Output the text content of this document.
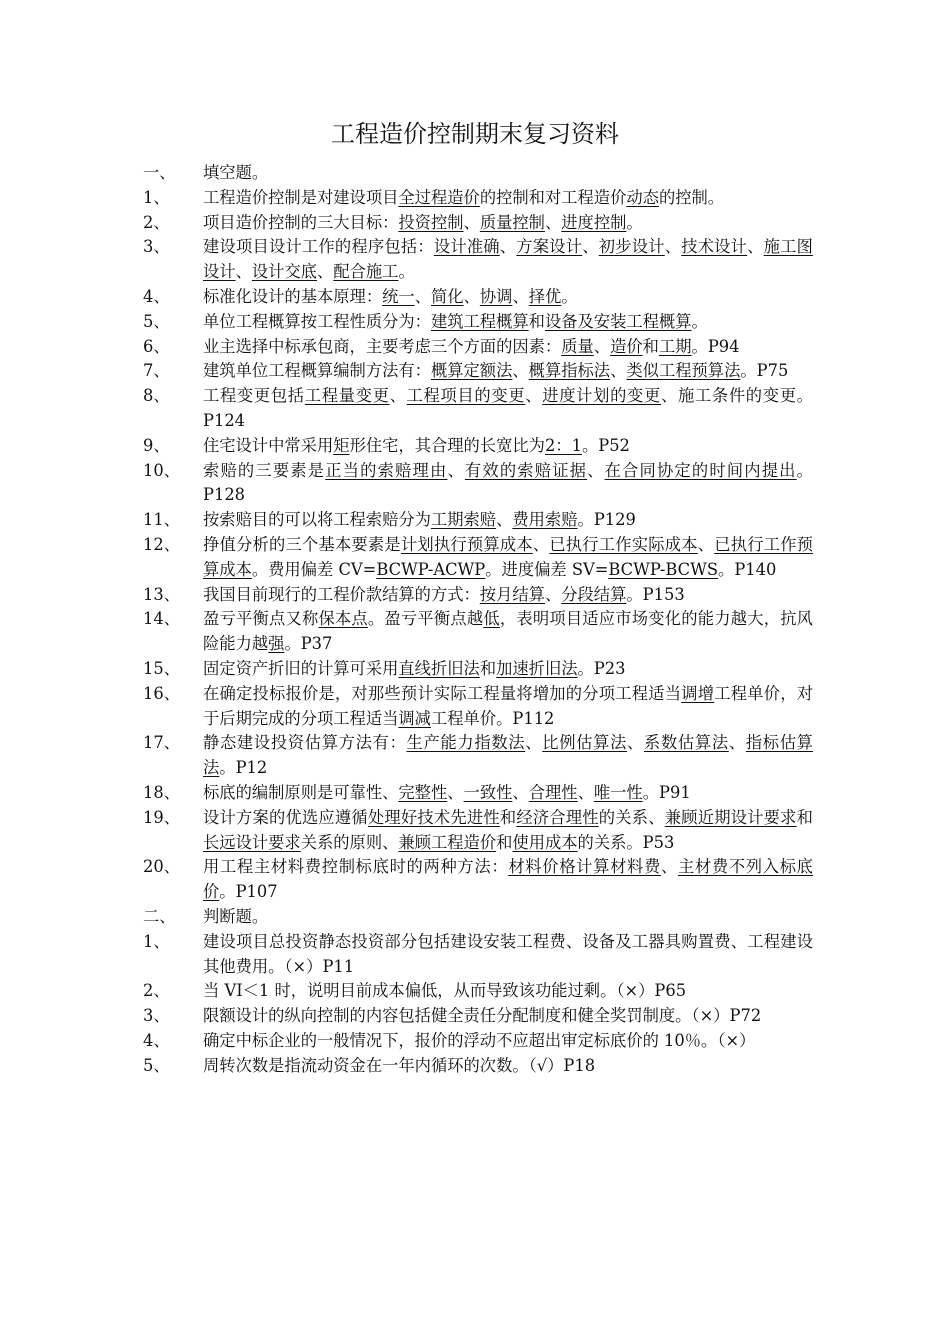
工程造价控制期末复习资料
一、	填空题。
1、	工程造价控制是对建设项目全过程造价的控制和对工程造价动态的控制。
2、	项目造价控制的三大目标：投资控制、质量控制、进度控制。
3、	建设项目设计工作的程序包括：设计准确、方案设计、初步设计、技术设计、施工图设计、设计交底、配合施工。
4、	标准化设计的基本原理：统一、简化、协调、择优。
5、	单位工程概算按工程性质分为：建筑工程概算和设备及安装工程概算。
6、	业主选择中标承包商，主要考虑三个方面的因素：质量、造价和工期。P94
7、	建筑单位工程概算编制方法有：概算定额法、概算指标法、类似工程预算法。P75
8、	工程变更包括工程量变更、工程项目的变更、进度计划的变更、施工条件的变更。P124
9、	住宅设计中常采用矩形住宅，其合理的长宽比为2：1。P52
10、	索赔的三要素是正当的索赔理由、有效的索赔证据、在合同协定的时间内提出。P128
11、	按索赔目的可以将工程索赔分为工期索赔、费用索赔。P129
12、	挣值分析的三个基本要素是计划执行预算成本、已执行工作实际成本、已执行工作预算成本。费用偏差 CV=BCWP-ACWP。进度偏差 SV=BCWP-BCWS。P140
13、	我国目前现行的工程价款结算的方式：按月结算、分段结算。P153
14、	盈亏平衡点又称保本点。盈亏平衡点越低，表明项目适应市场变化的能力越大，抗风险能力越强。P37
15、	固定资产折旧的计算可采用直线折旧法和加速折旧法。P23
16、	在确定投标报价是，对那些预计实际工程量将增加的分项工程适当调增工程单价，对于后期完成的分项工程适当调减工程单价。P112
17、	静态建设投资估算方法有：生产能力指数法、比例估算法、系数估算法、指标估算法。P12
18、	标底的编制原则是可靠性、完整性、一致性、合理性、唯一性。P91
19、	设计方案的优选应遵循处理好技术先进性和经济合理性的关系、兼顾近期设计要求和长远设计要求关系的原则、兼顾工程造价和使用成本的关系。P53
20、	用工程主材料费控制标底时的两种方法：材料价格计算材料费、主材费不列入标底价。P107
二、	判断题。
1、	建设项目总投资静态投资部分包括建设安装工程费、设备及工器具购置费、工程建设其他费用。（×）P11
2、	当 VI＜1 时，说明目前成本偏低，从而导致该功能过剩。（×）P65
3、	限额设计的纵向控制的内容包括健全责任分配制度和健全奖罚制度。（×）P72
4、	确定中标企业的一般情况下，报价的浮动不应超出审定标底价的 10％。（×）
5、	周转次数是指流动资金在一年内循环的次数。（√）P18
